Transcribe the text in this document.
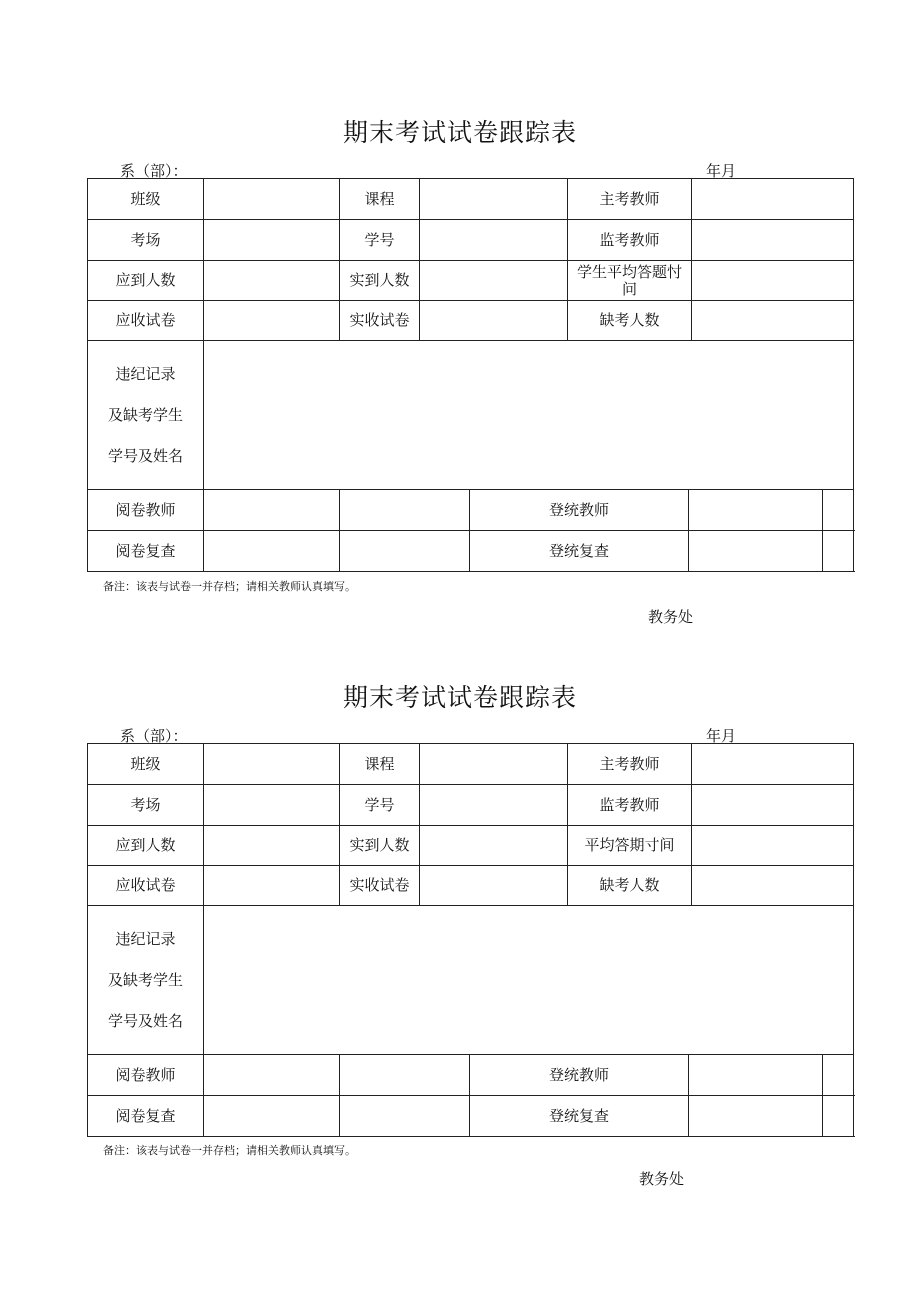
期末考试试卷跟踪表
系（部）：	年月
班级		课程			主考教师			
考场		学号			监考教师			
应到人数		实到人数			学生平均答题忖问			
应收试卷		实收试卷			缺考人数			

违纪记录
及缺考学生
学号及姓名								

阅卷教师				登统教师				
阅卷复查				登统复查				
备注：该表与试卷一并存档；请相关教师认真填写。
教务处
期末考试试卷跟踪表
系（部）：	年月
班级		课程			主考教师			
考场		学号			监考教师			
应到人数		实到人数			平均答期寸间			
应收试卷		实收试卷			缺考人数			

违纪记录
及缺考学生
学号及姓名								

阅卷教师				登统教师				
阅卷复查				登统复查				
备注：该表与试卷一并存档；请相关教师认真填写。
教务处
